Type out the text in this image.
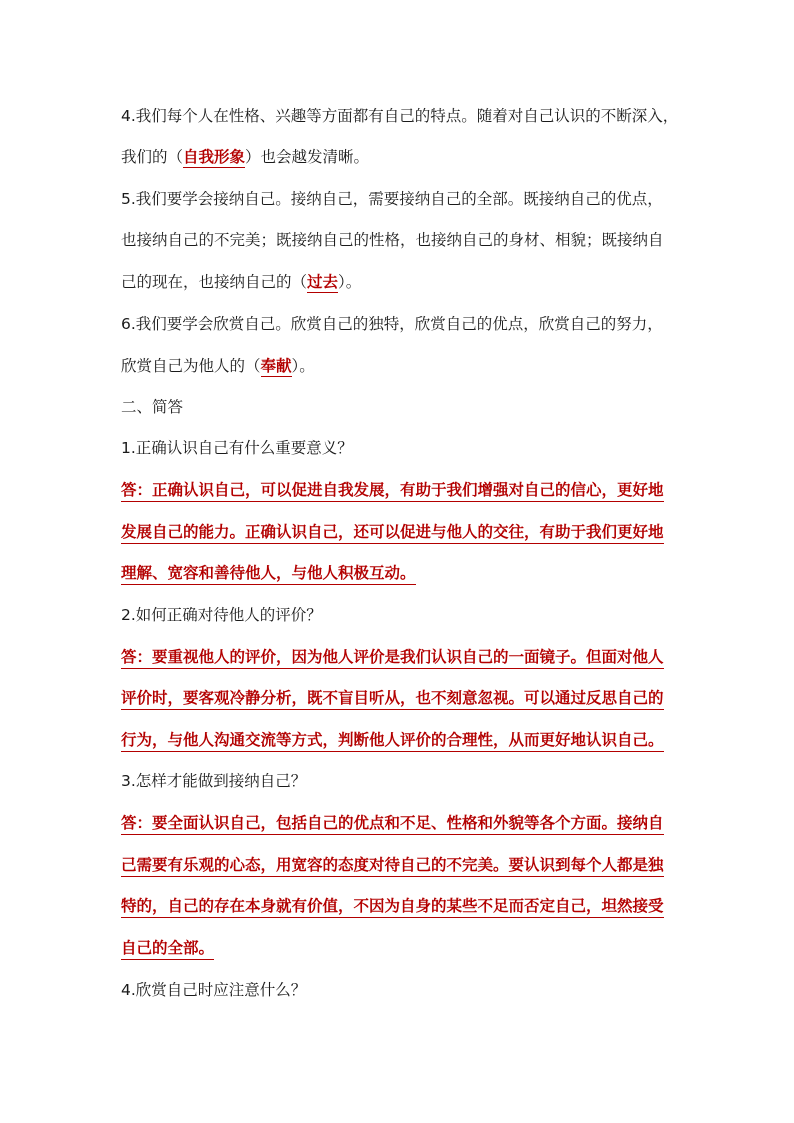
4.我们每个人在性格、兴趣等方面都有自己的特点。随着对自己认识的不断深入，
我们的（自我形象）也会越发清晰。
5.我们要学会接纳自己。接纳自己，需要接纳自己的全部。既接纳自己的优点，
也接纳自己的不完美；既接纳自己的性格，也接纳自己的身材、相貌；既接纳自
己的现在，也接纳自己的（过去）。
6.我们要学会欣赏自己。欣赏自己的独特，欣赏自己的优点，欣赏自己的努力，
欣赏自己为他人的（奉献）。
二、简答
1.正确认识自己有什么重要意义？
答：正确认识自己，可以促进自我发展，有助于我们增强对自己的信心，更好地
发展自己的能力。正确认识自己，还可以促进与他人的交往，有助于我们更好地
理解、宽容和善待他人，与他人积极互动。
2.如何正确对待他人的评价？
答：要重视他人的评价，因为他人评价是我们认识自己的一面镜子。但面对他人
评价时，要客观冷静分析，既不盲目听从，也不刻意忽视。可以通过反思自己的
行为，与他人沟通交流等方式，判断他人评价的合理性，从而更好地认识自己。
3.怎样才能做到接纳自己？
答：要全面认识自己，包括自己的优点和不足、性格和外貌等各个方面。接纳自
己需要有乐观的心态，用宽容的态度对待自己的不完美。要认识到每个人都是独
特的，自己的存在本身就有价值，不因为自身的某些不足而否定自己，坦然接受
自己的全部。
4.欣赏自己时应注意什么？
